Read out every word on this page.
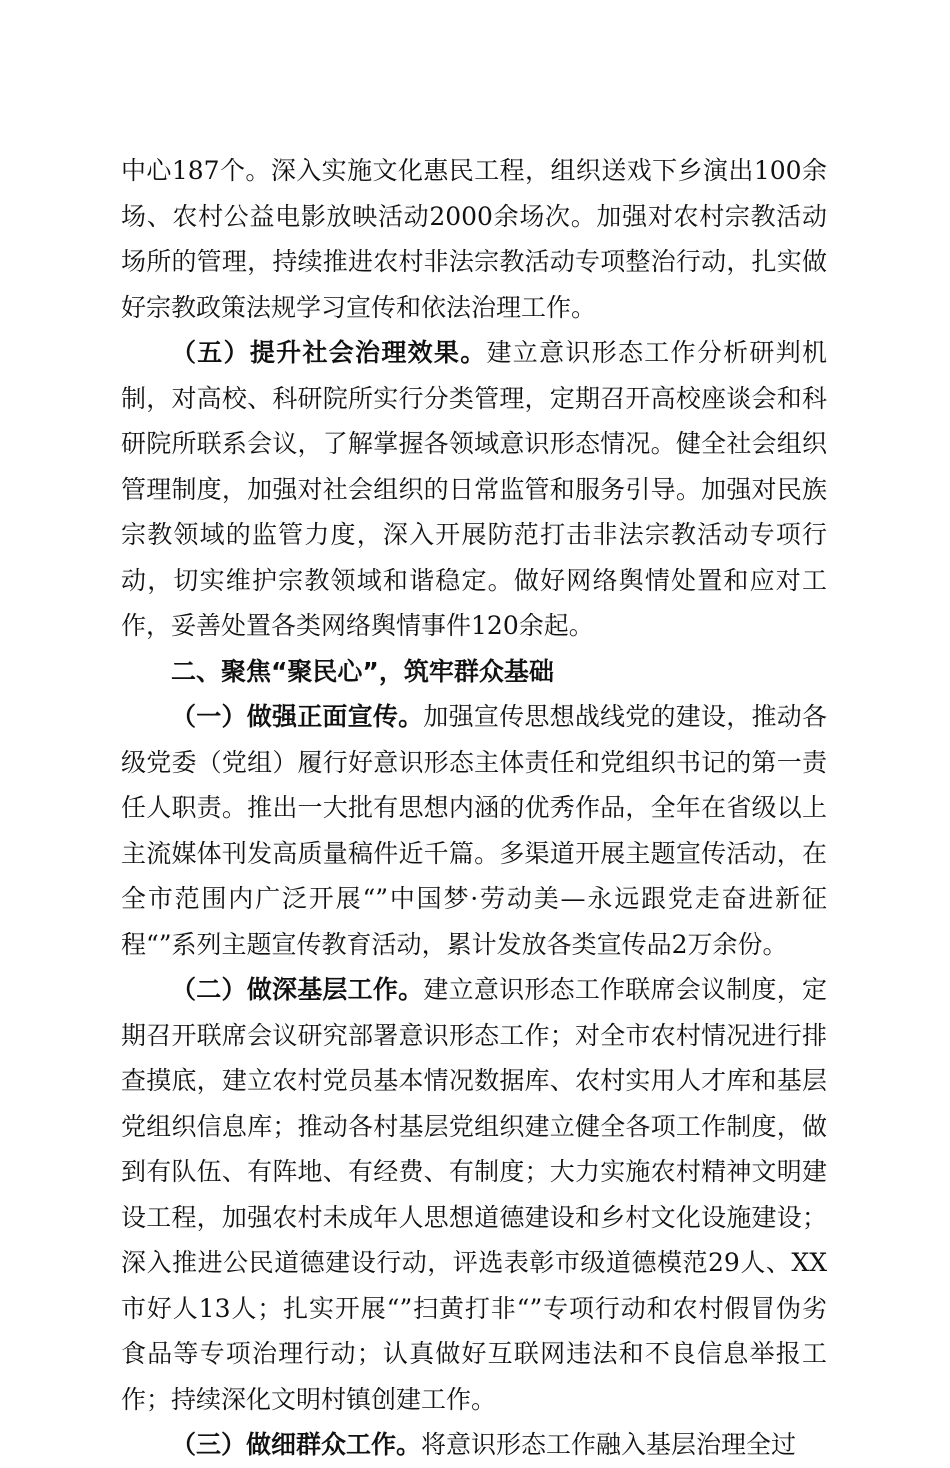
中心187个。深入实施文化惠民工程，组织送戏下乡演出100余场、农村公益电影放映活动2000余场次。加强对农村宗教活动场所的管理，持续推进农村非法宗教活动专项整治行动，扎实做好宗教政策法规学习宣传和依法治理工作。

（五）提升社会治理效果。建立意识形态工作分析研判机制，对高校、科研院所实行分类管理，定期召开高校座谈会和科研院所联系会议，了解掌握各领域意识形态情况。健全社会组织管理制度，加强对社会组织的日常监管和服务引导。加强对民族宗教领域的监管力度，深入开展防范打击非法宗教活动专项行动，切实维护宗教领域和谐稳定。做好网络舆情处置和应对工作，妥善处置各类网络舆情事件120余起。

二、聚焦“聚民心”，筑牢群众基础

（一）做强正面宣传。加强宣传思想战线党的建设，推动各级党委（党组）履行好意识形态主体责任和党组织书记的第一责任人职责。推出一大批有思想内涵的优秀作品，全年在省级以上主流媒体刊发高质量稿件近千篇。多渠道开展主题宣传活动，在全市范围内广泛开展“”中国梦·劳动美—永远跟党走奋进新征程“”系列主题宣传教育活动，累计发放各类宣传品2万余份。

（二）做深基层工作。建立意识形态工作联席会议制度，定期召开联席会议研究部署意识形态工作；对全市农村情况进行排查摸底，建立农村党员基本情况数据库、农村实用人才库和基层党组织信息库；推动各村基层党组织建立健全各项工作制度，做到有队伍、有阵地、有经费、有制度；大力实施农村精神文明建设工程，加强农村未成年人思想道德建设和乡村文化设施建设；深入推进公民道德建设行动，评选表彰市级道德模范29人、XX市好人13人；扎实开展“”扫黄打非“”专项行动和农村假冒伪劣食品等专项治理行动；认真做好互联网违法和不良信息举报工作；持续深化文明村镇创建工作。

（三）做细群众工作。将意识形态工作融入基层治理全过
